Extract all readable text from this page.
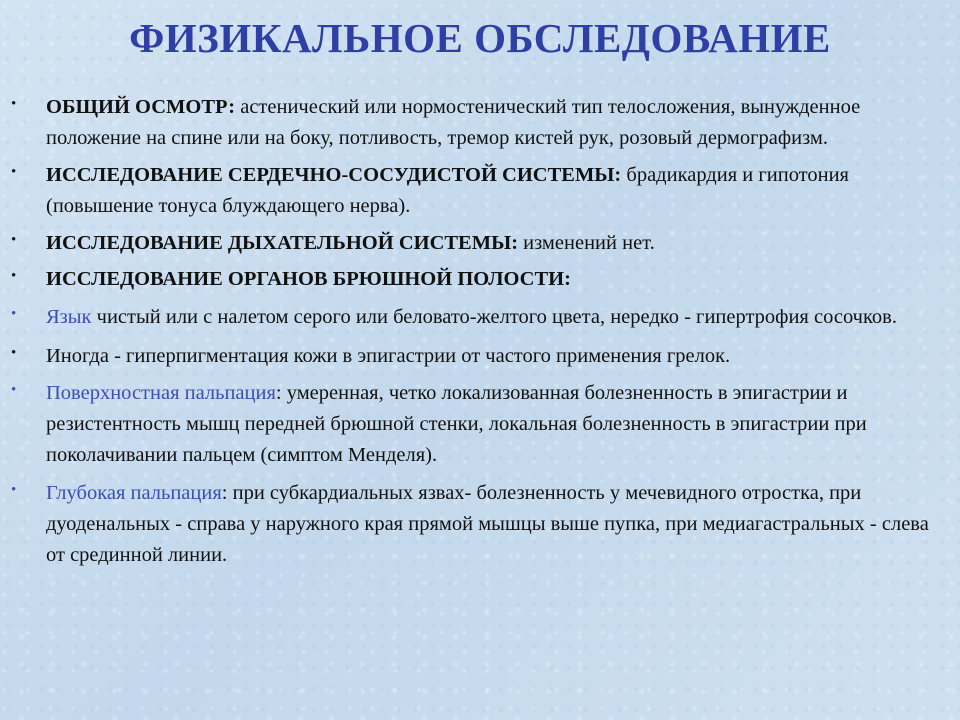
ФИЗИКАЛЬНОЕ ОБСЛЕДОВАНИЕ
• ОБЩИЙ ОСМОТР: астенический или нормостенический тип телосложения, вынужденное положение на спине или на боку, потливость, тремор кистей рук, розовый дермографизм.
• ИССЛЕДОВАНИЕ СЕРДЕЧНО-СОСУДИСТОЙ СИСТЕМЫ: брадикардия и гипотония (повышение тонуса блуждающего нерва).
• ИССЛЕДОВАНИЕ ДЫХАТЕЛЬНОЙ СИСТЕМЫ: изменений нет.
• ИССЛЕДОВАНИЕ ОРГАНОВ БРЮШНОЙ ПОЛОСТИ:
• Язык чистый или с налетом серого или беловато-желтого цвета, нередко - гипертрофия сосочков.
• Иногда - гиперпигментация кожи в эпигастрии от частого применения грелок.
• Поверхностная пальпация: умеренная, четко локализованная болезненность в эпигастрии и резистентность мышц передней брюшной стенки, локальная болезненность в эпигастрии при поколачивании пальцем (симптом Менделя).
• Глубокая пальпация: при субкардиальных язвах- болезненность у мечевидного отростка, при дуоденальных - справа у наружного края прямой мышцы выше пупка, при медиагастральных - слева от срединной линии.
